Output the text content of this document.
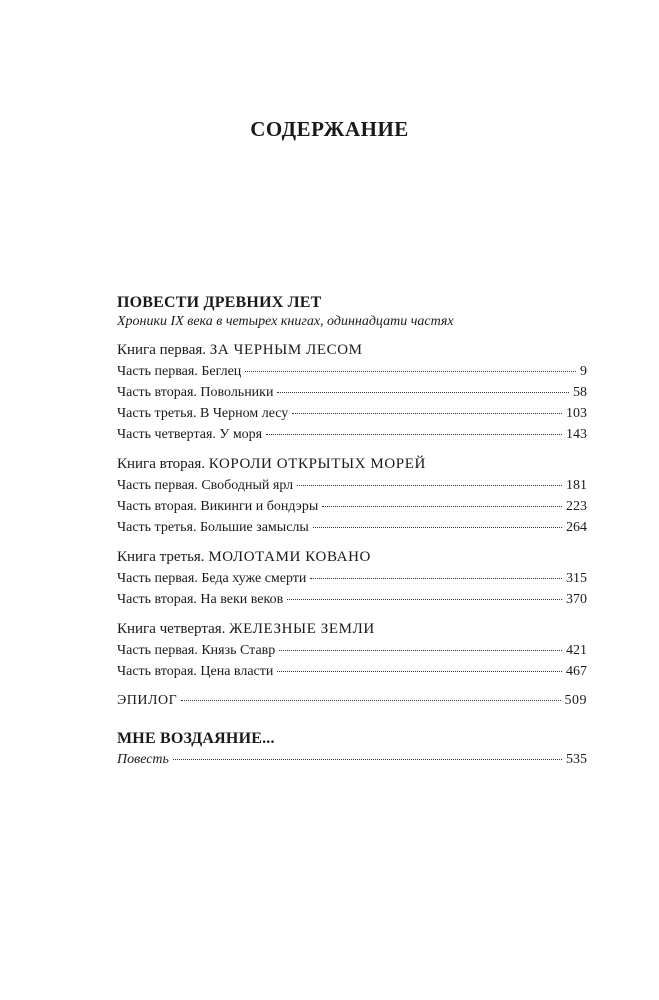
СОДЕРЖАНИЕ
ПОВЕСТИ ДРЕВНИХ ЛЕТ
Хроники IX века в четырех книгах, одиннадцати частях
Книга первая. ЗА ЧЕРНЫМ ЛЕСОМ
Часть первая. Беглец	9
Часть вторая. Повольники	58
Часть третья. В Черном лесу	103
Часть четвертая. У моря	143
Книга вторая. КОРОЛИ ОТКРЫТЫХ МОРЕЙ
Часть первая. Свободный ярл	181
Часть вторая. Викинги и бондэры	223
Часть третья. Большие замыслы	264
Книга третья. МОЛОТАМИ КОВАНО
Часть первая. Беда хуже смерти	315
Часть вторая. На веки веков	370
Книга четвертая. ЖЕЛЕЗНЫЕ ЗЕМЛИ
Часть первая. Князь Ставр	421
Часть вторая. Цена власти	467
ЭПИЛОГ	509
МНЕ ВОЗДАЯНИЕ...
Повесть	535
